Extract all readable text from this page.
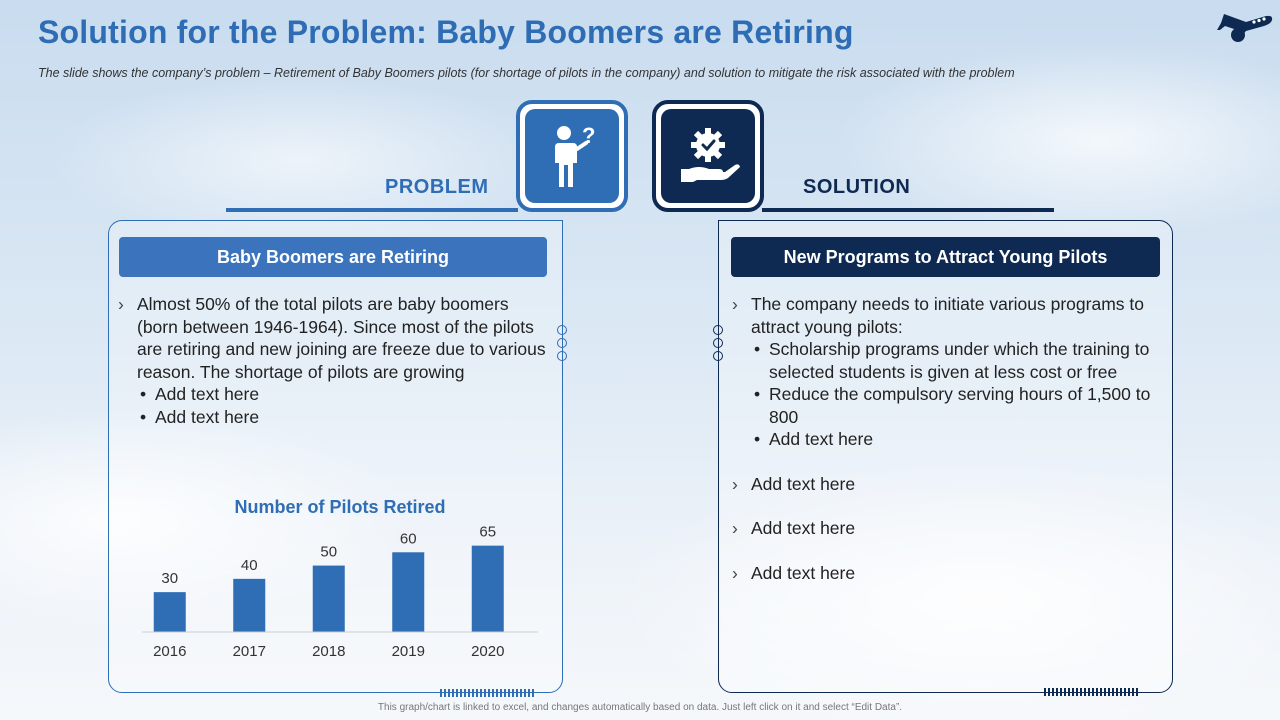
Solution for the Problem: Baby Boomers are Retiring
The slide shows the company’s problem – Retirement of Baby Boomers pilots (for shortage of pilots in the company) and solution to mitigate the risk associated with the problem
?
PROBLEM	SOLUTION
Baby Boomers are Retiring	New Programs to Attract Young Pilots
› Almost 50% of the total pilots are baby boomers (born between 1946-1964). Since most of the pilots are retiring and new joining are freeze due to various reason. The shortage of pilots are growing
• Add text here
• Add text here
› The company needs to initiate various programs to attract young pilots:
• Scholarship programs under which the training to selected students is given at less cost or free
• Reduce the compulsory serving hours of 1,500 to 800
• Add text here
› Add text here
› Add text here
› Add text here
Number of Pilots Retired
30
2016
40
2017
50
2018
60
2019
65
2020
This graph/chart is linked to excel, and changes automatically based on data. Just left click on it and select “Edit Data”.
